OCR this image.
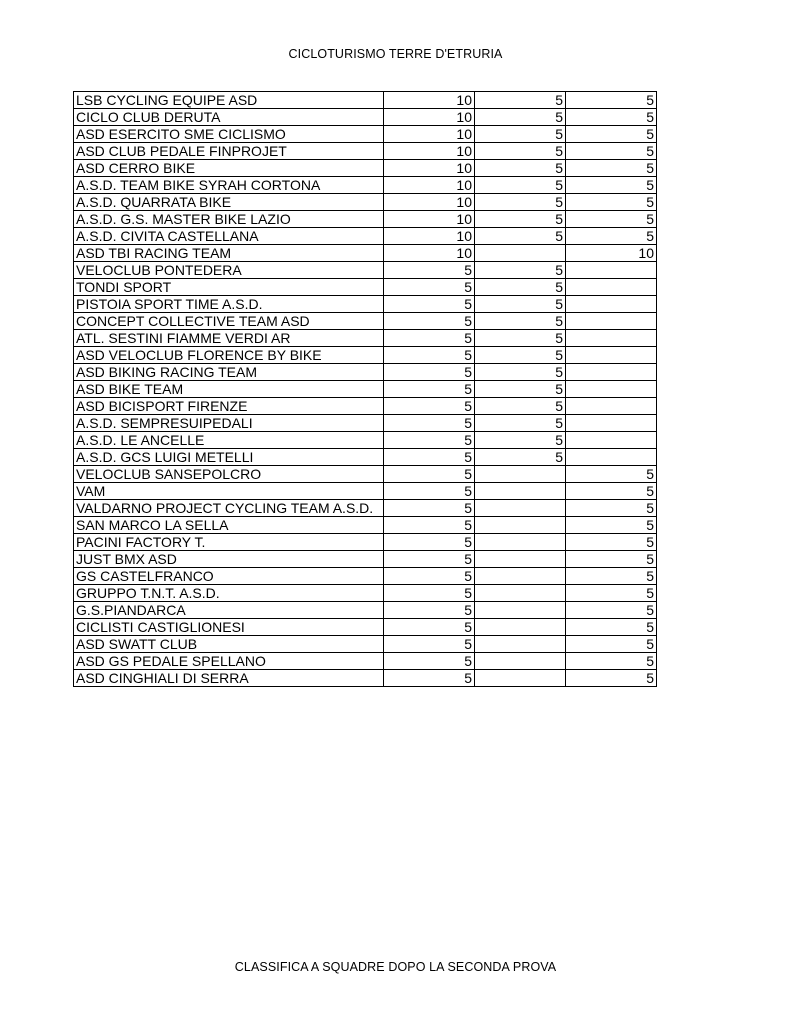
CICLOTURISMO TERRE D'ETRURIA
LSB CYCLING EQUIPE ASD	10	5	5
CICLO CLUB DERUTA	10	5	5
ASD ESERCITO SME CICLISMO	10	5	5
ASD CLUB PEDALE FINPROJET	10	5	5
ASD CERRO BIKE	10	5	5
A.S.D. TEAM BIKE SYRAH CORTONA	10	5	5
A.S.D. QUARRATA BIKE	10	5	5
A.S.D. G.S. MASTER BIKE LAZIO	10	5	5
A.S.D. CIVITA CASTELLANA	10	5	5
ASD TBI RACING TEAM	10		10
VELOCLUB PONTEDERA	5	5	
TONDI SPORT	5	5	
PISTOIA SPORT TIME A.S.D.	5	5	
CONCEPT COLLECTIVE TEAM ASD	5	5	
ATL. SESTINI FIAMME VERDI AR	5	5	
ASD VELOCLUB FLORENCE BY BIKE	5	5	
ASD BIKING RACING TEAM	5	5	
ASD BIKE TEAM	5	5	
ASD BICISPORT FIRENZE	5	5	
A.S.D. SEMPRESUIPEDALI	5	5	
A.S.D. LE ANCELLE	5	5	
A.S.D. GCS LUIGI METELLI	5	5	
VELOCLUB SANSEPOLCRO	5		5
VAM	5		5
VALDARNO PROJECT CYCLING TEAM A.S.D.	5		5
SAN MARCO LA SELLA	5		5
PACINI FACTORY T.	5		5
JUST BMX ASD	5		5
GS CASTELFRANCO	5		5
GRUPPO T.N.T. A.S.D.	5		5
G.S.PIANDARCA	5		5
CICLISTI CASTIGLIONESI	5		5
ASD SWATT CLUB	5		5
ASD GS PEDALE SPELLANO	5		5
ASD CINGHIALI DI SERRA	5		5
CLASSIFICA A SQUADRE DOPO LA SECONDA PROVA
